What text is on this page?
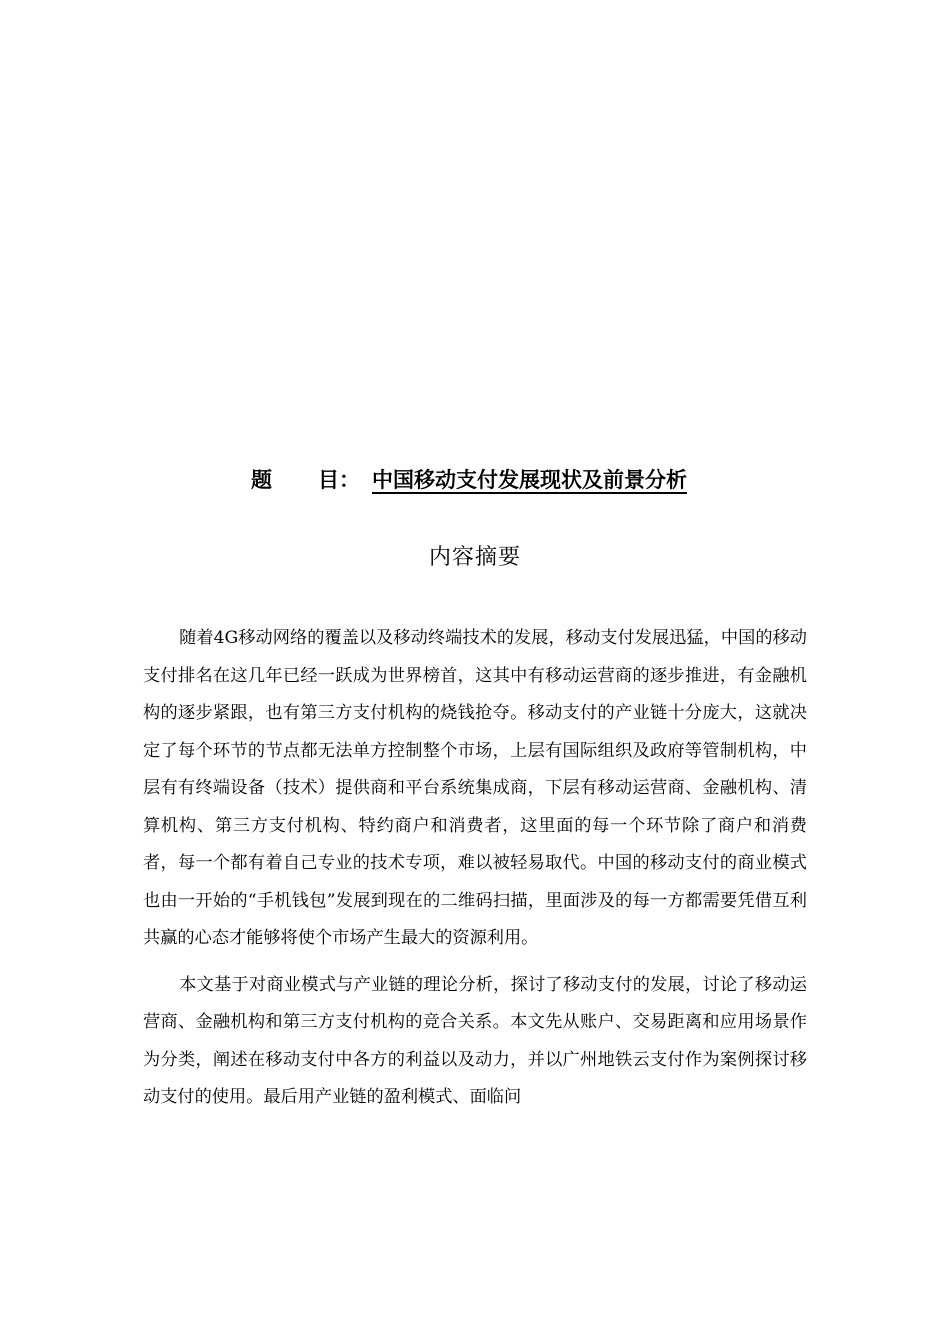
题 目： 中国移动支付发展现状及前景分析
内容摘要

随着4G移动网络的覆盖以及移动终端技术的发展，移动支付发展迅猛，中国的移动支付排名在这几年已经一跃成为世界榜首，这其中有移动运营商的逐步推进，有金融机构的逐步紧跟，也有第三方支付机构的烧钱抢夺。移动支付的产业链十分庞大，这就决定了每个环节的节点都无法单方控制整个市场，上层有国际组织及政府等管制机构，中层有有终端设备（技术）提供商和平台系统集成商，下层有移动运营商、金融机构、清算机构、第三方支付机构、特约商户和消费者，这里面的每一个环节除了商户和消费者，每一个都有着自己专业的技术专项，难以被轻易取代。中国的移动支付的商业模式也由一开始的“手机钱包”发展到现在的二维码扫描，里面涉及的每一方都需要凭借互利共赢的心态才能够将使个市场产生最大的资源利用。

本文基于对商业模式与产业链的理论分析，探讨了移动支付的发展，讨论了移动运营商、金融机构和第三方支付机构的竞合关系。本文先从账户、交易距离和应用场景作为分类，阐述在移动支付中各方的利益以及动力，并以广州地铁云支付作为案例探讨移动支付的使用。最后用产业链的盈利模式、面临问
